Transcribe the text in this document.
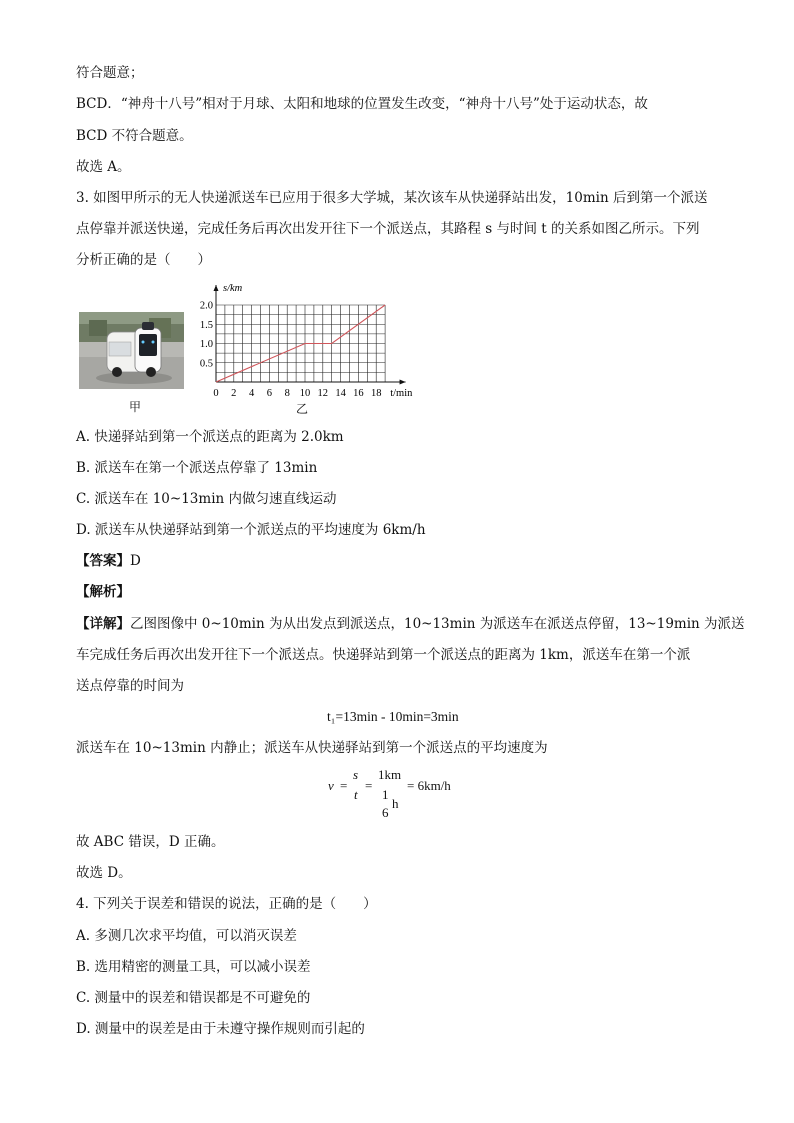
符合题意；
BCD．“神舟十八号”相对于月球、太阳和地球的位置发生改变，“神舟十八号”处于运动状态，故
BCD 不符合题意。
故选 A。
3. 如图甲所示的无人快递派送车已应用于很多大学城，某次该车从快递驿站出发，10min 后到第一个派送
点停靠并派送快递，完成任务后再次出发开往下一个派送点，其路程 s 与时间 t 的关系如图乙所示。下列
分析正确的是（　　）
甲
s/km
t/min
0 2 4 6 8 10 12 14 16 18
0.5
1.0
1.5
2.0
乙
A. 快递驿站到第一个派送点的距离为 2.0km
B. 派送车在第一个派送点停靠了 13min
C. 派送车在 10~13min 内做匀速直线运动
D. 派送车从快递驿站到第一个派送点的平均速度为 6km/h
【答案】D
【解析】
【详解】乙图图像中 0~10min 为从出发点到派送点，10~13min 为派送车在派送点停留，13~19min 为派送
车完成任务后再次出发开往下一个派送点。快递驿站到第一个派送点的距离为 1km，派送车在第一个派
送点停靠的时间为
t₁=13min - 10min=3min
派送车在 10~13min 内静止；派送车从快递驿站到第一个派送点的平均速度为
v =
s
t
=
1km
1
6
h
= 6km/h
故 ABC 错误，D 正确。
故选 D。
4. 下列关于误差和错误的说法，正确的是（　　）
A. 多测几次求平均值，可以消灭误差
B. 选用精密的测量工具，可以减小误差
C. 测量中的误差和错误都是不可避免的
D. 测量中的误差是由于未遵守操作规则而引起的
